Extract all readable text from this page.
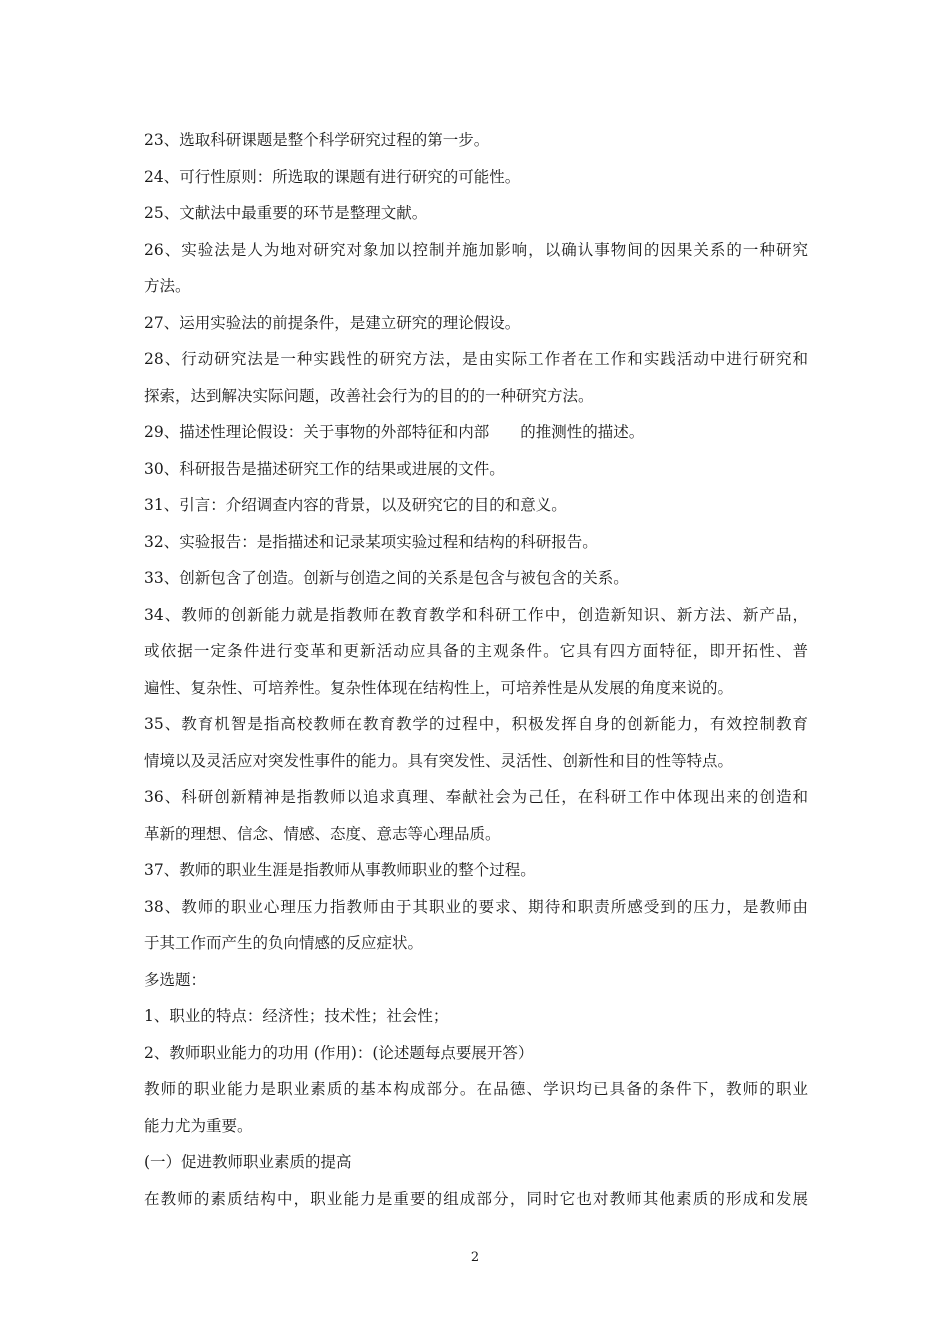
23、选取科研课题是整个科学研究过程的第一步。
24、可行性原则：所选取的课题有进行研究的可能性。
25、文献法中最重要的环节是整理文献。
26、实验法是人为地对研究对象加以控制并施加影响，以确认事物间的因果关系的一种研究
方法。
27、运用实验法的前提条件，是建立研究的理论假设。
28、行动研究法是一种实践性的研究方法，是由实际工作者在工作和实践活动中进行研究和
探索，达到解决实际问题，改善社会行为的目的的一种研究方法。
29、描述性理论假设：关于事物的外部特征和内部　　的推测性的描述。
30、科研报告是描述研究工作的结果或进展的文件。
31、引言：介绍调查内容的背景，以及研究它的目的和意义。
32、实验报告：是指描述和记录某项实验过程和结构的科研报告。
33、创新包含了创造。创新与创造之间的关系是包含与被包含的关系。
34、教师的创新能力就是指教师在教育教学和科研工作中，创造新知识、新方法、新产品，
或依据一定条件进行变革和更新活动应具备的主观条件。它具有四方面特征，即开拓性、普
遍性、复杂性、可培养性。复杂性体现在结构性上，可培养性是从发展的角度来说的。
35、教育机智是指高校教师在教育教学的过程中，积极发挥自身的创新能力，有效控制教育
情境以及灵活应对突发性事件的能力。具有突发性、灵活性、创新性和目的性等特点。
36、科研创新精神是指教师以追求真理、奉献社会为己任，在科研工作中体现出来的创造和
革新的理想、信念、情感、态度、意志等心理品质。
37、教师的职业生涯是指教师从事教师职业的整个过程。
38、教师的职业心理压力指教师由于其职业的要求、期待和职责所感受到的压力，是教师由
于其工作而产生的负向情感的反应症状。
多选题：
1、职业的特点：经济性；技术性；社会性；
2、教师职业能力的功用 (作用)：(论述题每点要展开答）
教师的职业能力是职业素质的基本构成部分。在品德、学识均已具备的条件下，教师的职业
能力尤为重要。
(一）促进教师职业素质的提高
在教师的素质结构中，职业能力是重要的组成部分，同时它也对教师其他素质的形成和发展
2
